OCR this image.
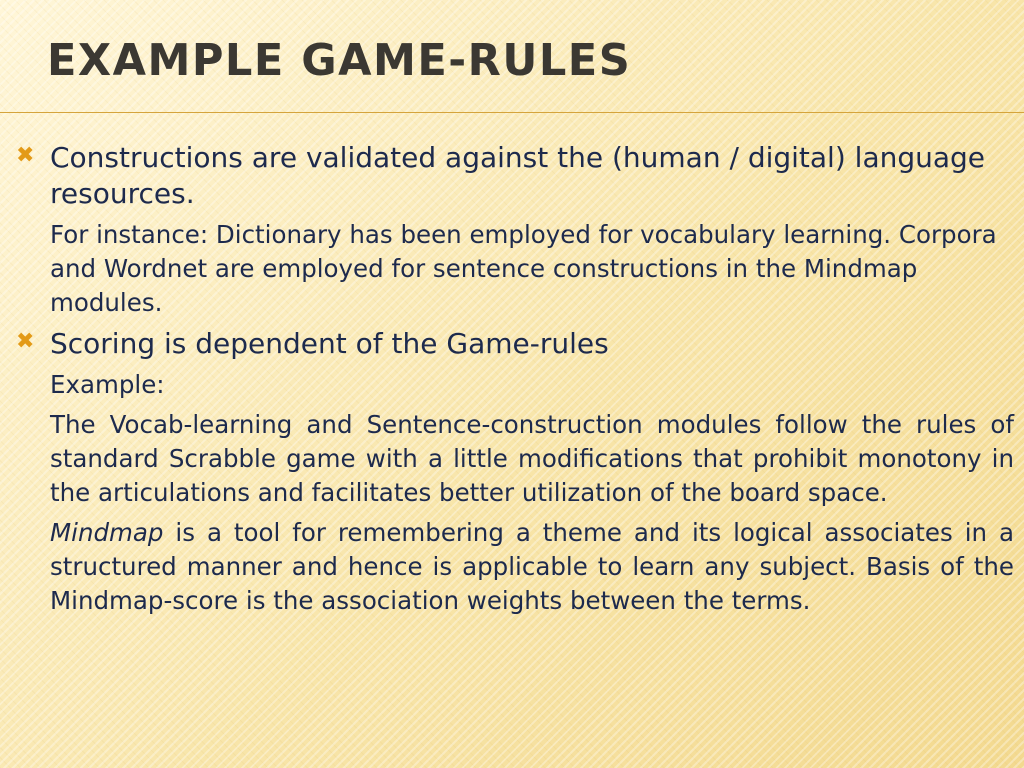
EXAMPLE GAME-RULES
✖ Constructions are validated against the (human / digital) language resources.
For instance: Dictionary has been employed for vocabulary learning. Corpora and Wordnet are employed for sentence constructions in the Mindmap modules.
✖ Scoring is dependent of the Game-rules
Example:
The Vocab-learning and Sentence-construction modules follow the rules of standard Scrabble game with a little modifications that prohibit monotony in the articulations and facilitates better utilization of the board space.
Mindmap is a tool for remembering a theme and its logical associates in a structured manner and hence is applicable to learn any subject. Basis of the Mindmap-score is the association weights between the terms.
